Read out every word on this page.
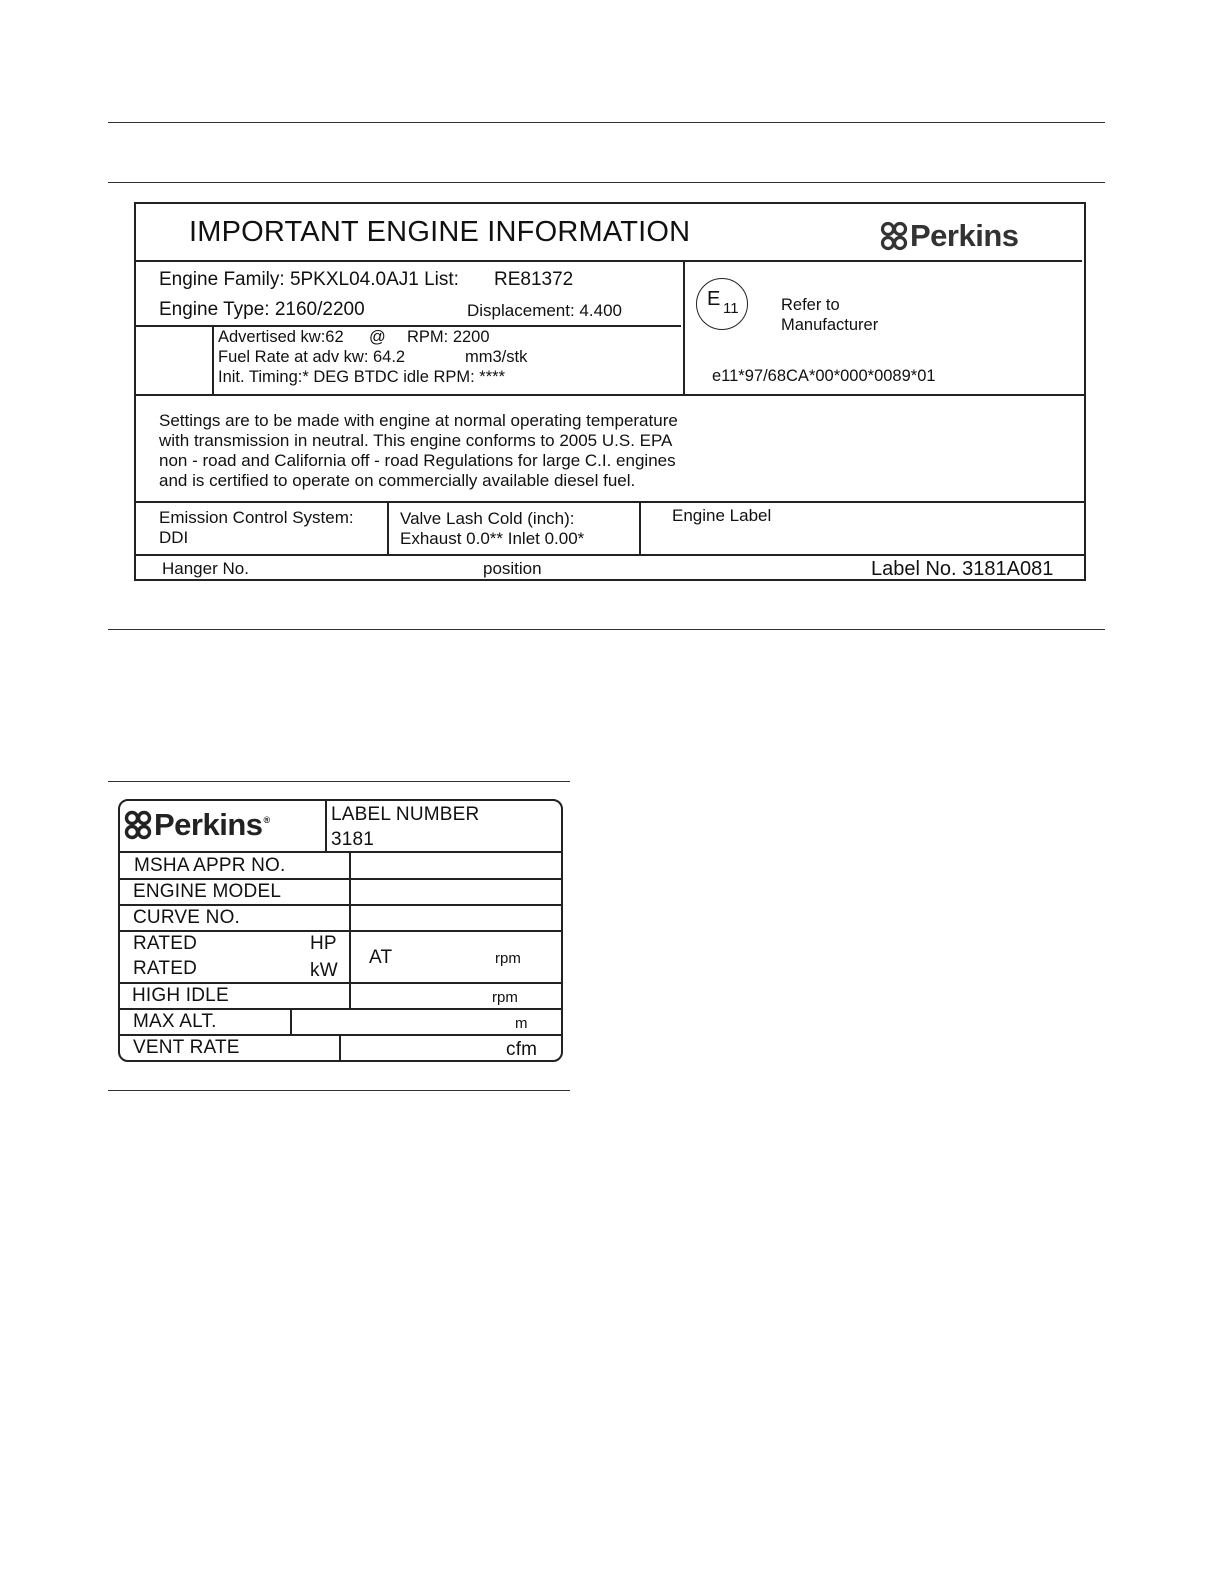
IMPORTANT ENGINE INFORMATION	Perkins
Engine Family: 5PKXL04.0AJ1 List: RE81372
Engine Type: 2160/2200	Displacement: 4.400
Advertised kw:62 @ RPM: 2200
Fuel Rate at adv kw: 64.2	mm3/stk
Init. Timing:* DEG BTDC idle RPM: ****
E 11	Refer to
Manufacturer
e11*97/68CA*00*000*0089*01
Settings are to be made with engine at normal operating temperature
with transmission in neutral. This engine conforms to 2005 U.S. EPA
non - road and California off - road Regulations for large C.I. engines
and is certified to operate on commercially available diesel fuel.
Emission Control System:
DDI
Valve Lash Cold (inch):
Exhaust 0.0** Inlet 0.00*
Engine Label
Hanger No.	position	Label No. 3181A081
Perkins ®	LABEL NUMBER
3181
MSHA APPR NO.
ENGINE MODEL
CURVE NO.
RATED	HP
RATED	kW
AT	rpm
HIGH IDLE	rpm
MAX ALT.	m
VENT RATE	cfm
